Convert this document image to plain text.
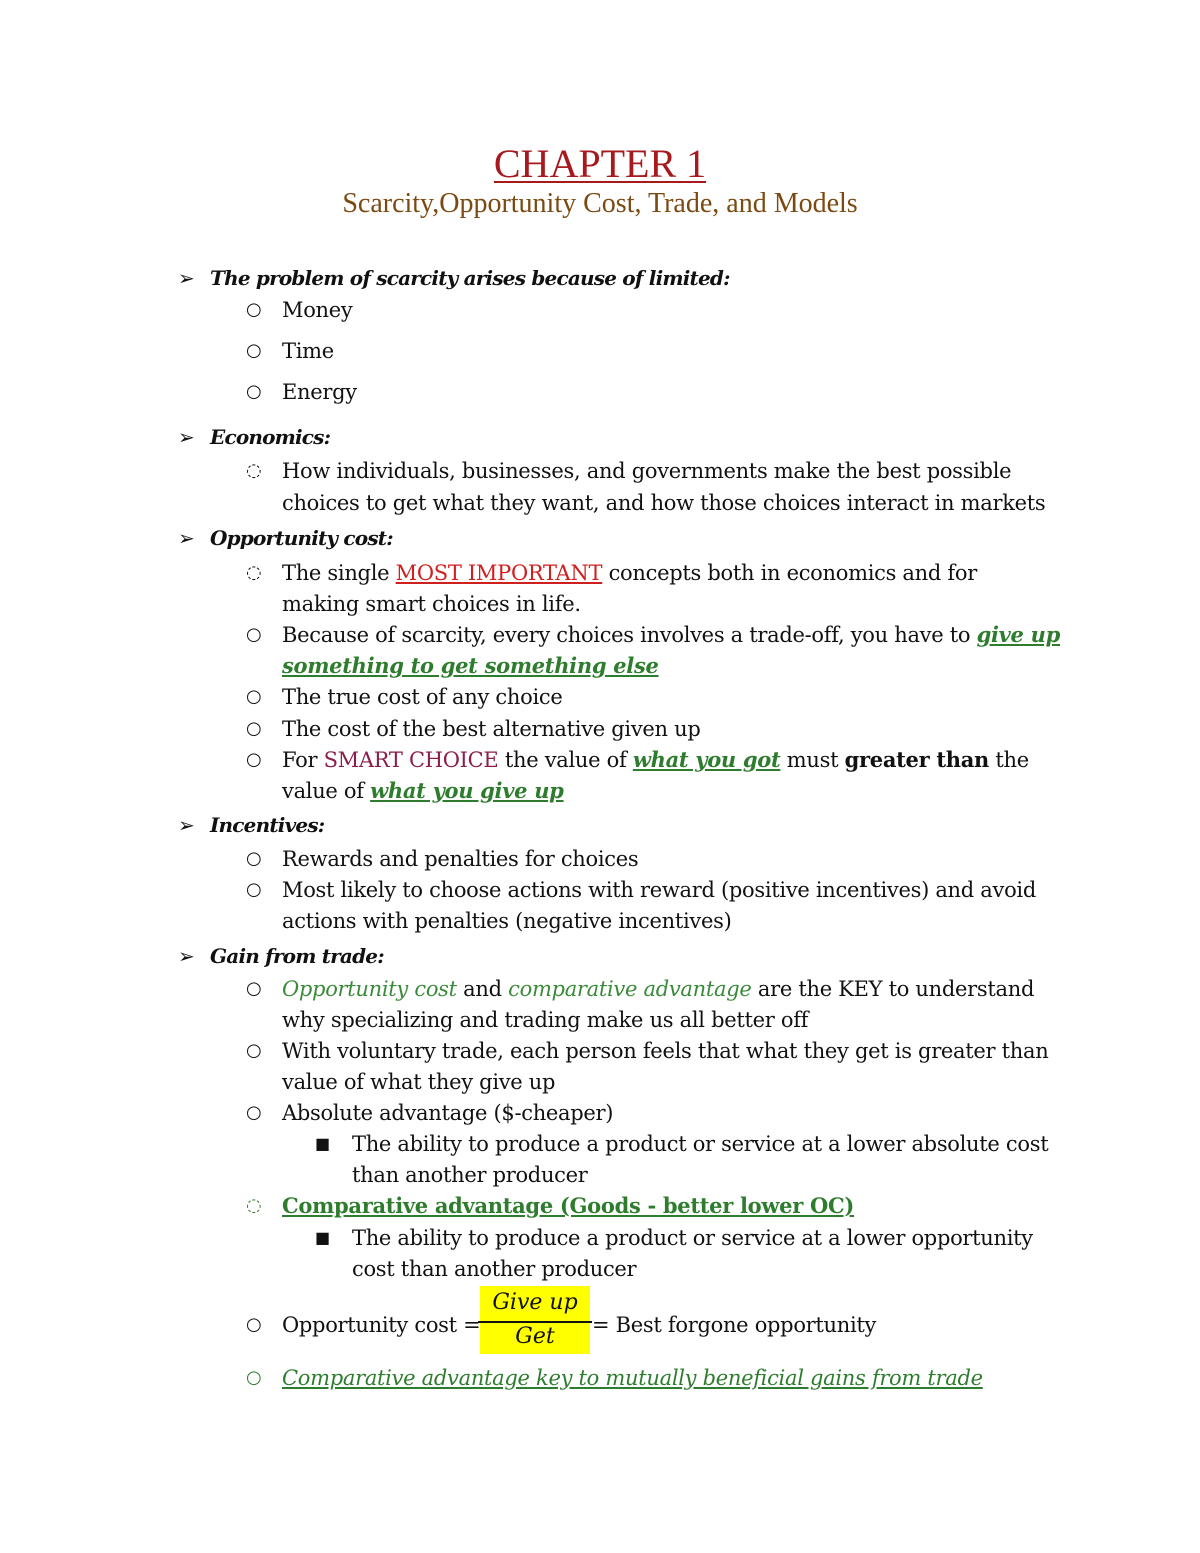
CHAPTER 1
Scarcity,Opportunity Cost, Trade, and Models
➢ The problem of scarcity arises because of limited:
○ Money
○ Time
○ Energy
➢ Economics:
◌ How individuals, businesses, and governments make the best possible
choices to get what they want, and how those choices interact in markets
➢ Opportunity cost:
◌ The single MOST IMPORTANT concepts both in economics and for
making smart choices in life.
○ Because of scarcity, every choices involves a trade-off, you have to give up
something to get something else
○ The true cost of any choice
○ The cost of the best alternative given up
○ For SMART CHOICE the value of what you got must greater than the
value of what you give up
➢ Incentives:
○ Rewards and penalties for choices
○ Most likely to choose actions with reward (positive incentives) and avoid
actions with penalties (negative incentives)
➢ Gain from trade:
○ Opportunity cost and comparative advantage are the KEY to understand
why specializing and trading make us all better off
○ With voluntary trade, each person feels that what they get is greater than
value of what they give up
○ Absolute advantage ($-cheaper)
■ The ability to produce a product or service at a lower absolute cost
than another producer
◌ Comparative advantage (Goods - better lower OC)
■ The ability to produce a product or service at a lower opportunity
cost than another producer
Give up
Get
○ Opportunity cost =	= Best forgone opportunity
○ Comparative advantage key to mutually beneficial gains from trade
